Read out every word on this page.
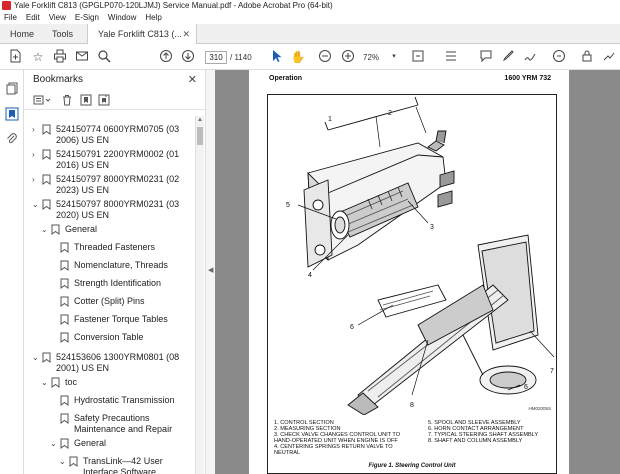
Yale Forklift C813 (GPGLP070-120LJMJ) Service Manual.pdf - Adobe Acrobat Pro (64-bit)
File Edit View E-Sign Window Help
Home	Tools	Yale Forklift C813 (... ✕
☆	310 / 1140	✋	72%	▾
Bookmarks	✕
›	524150774 0600YRM0705 (03 2006) US EN
›	524150791 2200YRM0002 (01 2016) US EN
›	524150797 8000YRM0231 (02 2023) US EN
⌄ 524150797 8000YRM0231 (03 2020) US EN
⌄ General
Threaded Fasteners
Nomenclature, Threads
Strength Identification
Cotter (Split) Pins
Fastener Torque Tables
Conversion Table
⌄ 524153606 1300YRM0801 (08 2001) US EN
⌄ toc
Hydrostatic Transmission
Safety Precautions Maintenance and Repair
⌄ General
⌄ TransLink—42 User Interface Software
▲
◀
Operation	1600 YRM 732
1
2
3
4
5
6
7
8
6
HM02005S
1. CONTROL SECTION
2. MEASURING SECTION
3. CHECK VALVE CHANGES CONTROL UNIT TO
HAND-OPERATED UNIT WHEN ENGINE IS OFF
4. CENTERING SPRINGS RETURN VALVE TO
NEUTRAL
5. SPOOL AND SLEEVE ASSEMBLY
6. HORN CONTACT ARRANGEMENT
7. TYPICAL STEERING SHAFT ASSEMBLY
8. SHAFT AND COLUMN ASSEMBLY
Figure 1. Steering Control Unit
